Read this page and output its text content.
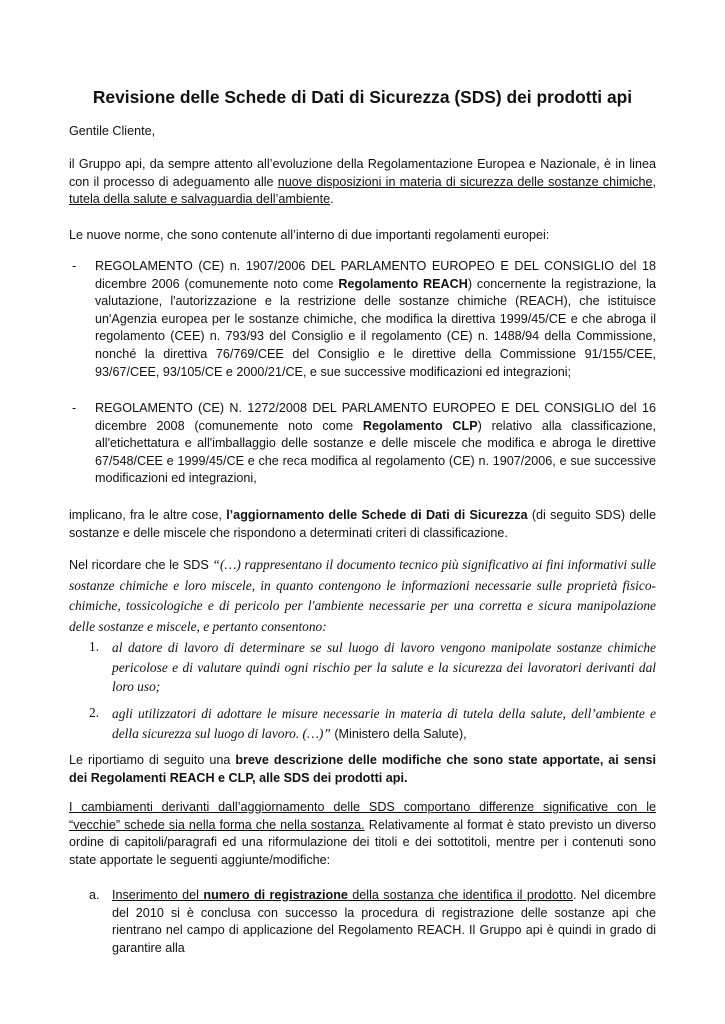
Revisione delle Schede di Dati di Sicurezza (SDS) dei prodotti api

Gentile Cliente,

il Gruppo api, da sempre attento all’evoluzione della Regolamentazione Europea e Nazionale, è in linea con il processo di adeguamento alle nuove disposizioni in materia di sicurezza delle sostanze chimiche, tutela della salute e salvaguardia dell’ambiente.

Le nuove norme, che sono contenute all’interno di due importanti regolamenti europei:

- REGOLAMENTO (CE) n. 1907/2006 DEL PARLAMENTO EUROPEO E DEL CONSIGLIO del 18 dicembre 2006 (comunemente noto come Regolamento REACH) concernente la registrazione, la valutazione, l'autorizzazione e la restrizione delle sostanze chimiche (REACH), che istituisce un'Agenzia europea per le sostanze chimiche, che modifica la direttiva 1999/45/CE e che abroga il regolamento (CEE) n. 793/93 del Consiglio e il regolamento (CE) n. 1488/94 della Commissione, nonché la direttiva 76/769/CEE del Consiglio e le direttive della Commissione 91/155/CEE, 93/67/CEE, 93/105/CE e 2000/21/CE, e sue successive modificazioni ed integrazioni;

- REGOLAMENTO (CE) N. 1272/2008 DEL PARLAMENTO EUROPEO E DEL CONSIGLIO del 16 dicembre 2008 (comunemente noto come Regolamento CLP) relativo alla classificazione, all'etichettatura e all'imballaggio delle sostanze e delle miscele che modifica e abroga le direttive 67/548/CEE e 1999/45/CE e che reca modifica al regolamento (CE) n. 1907/2006, e sue successive modificazioni ed integrazioni,

implicano, fra le altre cose, l’aggiornamento delle Schede di Dati di Sicurezza (di seguito SDS) delle sostanze e delle miscele che rispondono a determinati criteri di classificazione.

Nel ricordare che le SDS “(…) rappresentano il documento tecnico più significativo ai fini informativi sulle sostanze chimiche e loro miscele, in quanto contengono le informazioni necessarie sulle proprietà fisico-chimiche, tossicologiche e di pericolo per l'ambiente necessarie per una corretta e sicura manipolazione delle sostanze e miscele, e pertanto consentono:

1. al datore di lavoro di determinare se sul luogo di lavoro vengono manipolate sostanze chimiche pericolose e di valutare quindi ogni rischio per la salute e la sicurezza dei lavoratori derivanti dal loro uso;

2. agli utilizzatori di adottare le misure necessarie in materia di tutela della salute, dell’ambiente e della sicurezza sul luogo di lavoro. (…)” (Ministero della Salute),

Le riportiamo di seguito una breve descrizione delle modifiche che sono state apportate, ai sensi dei Regolamenti REACH e CLP, alle SDS dei prodotti api.

I cambiamenti derivanti dall’aggiornamento delle SDS comportano differenze significative con le “vecchie” schede sia nella forma che nella sostanza. Relativamente al format è stato previsto un diverso ordine di capitoli/paragrafi ed una riformulazione dei titoli e dei sottotitoli, mentre per i contenuti sono state apportate le seguenti aggiunte/modifiche:

a. Inserimento del numero di registrazione della sostanza che identifica il prodotto. Nel dicembre del 2010 si è conclusa con successo la procedura di registrazione delle sostanze api che rientrano nel campo di applicazione del Regolamento REACH. Il Gruppo api è quindi in grado di garantire alla
